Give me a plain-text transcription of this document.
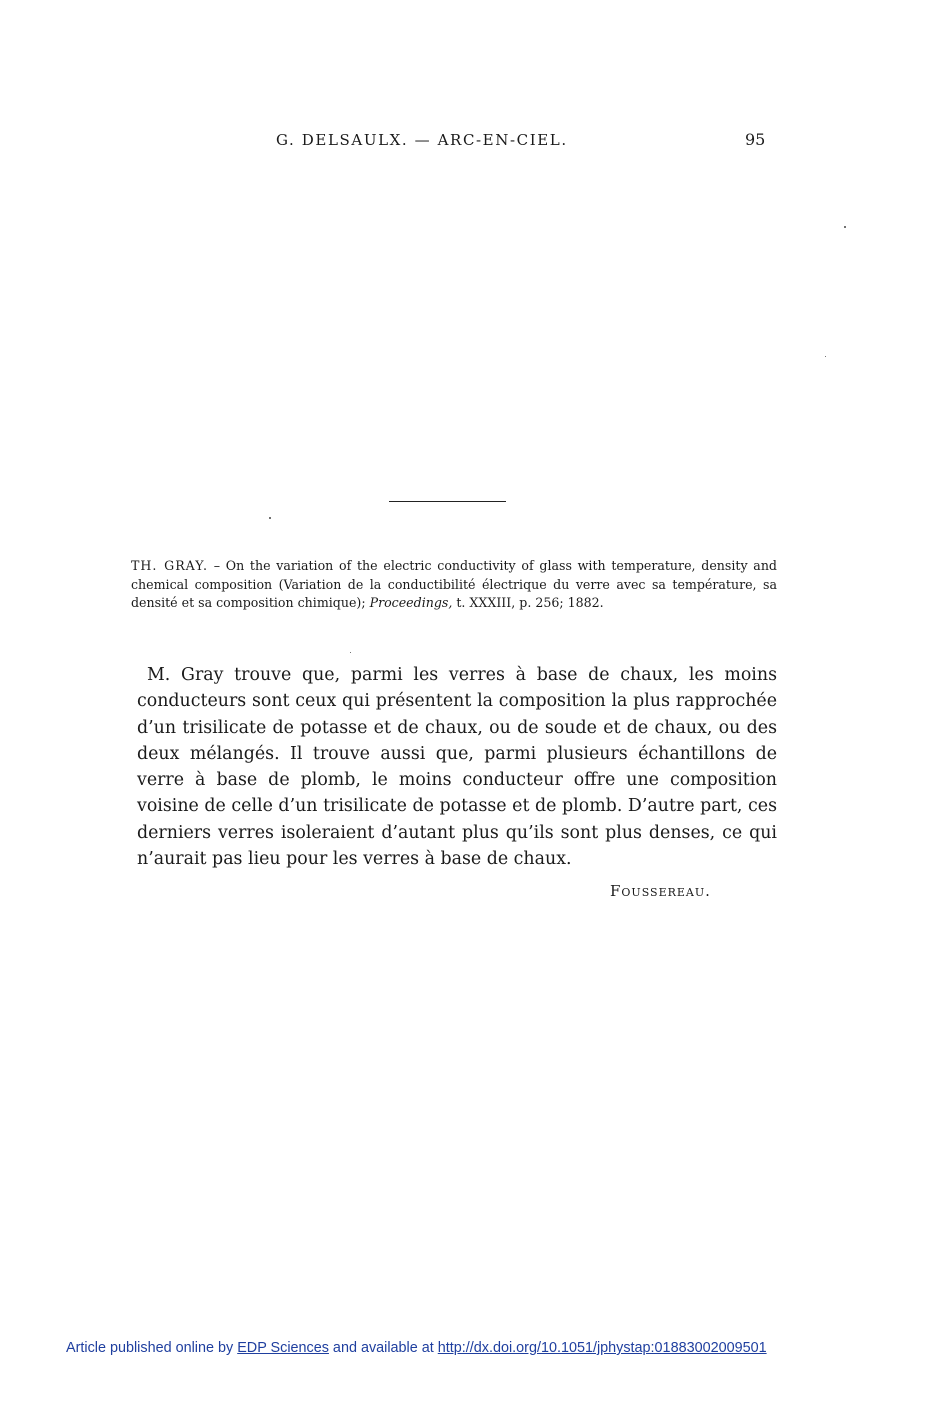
G. DELSAULX. — ARC-EN-CIEL.	95
TH. GRAY. – On the variation of the electric conductivity of glass with temperature, density and chemical composition (Variation de la conductibilité électrique du verre avec sa température, sa densité et sa composition chimique); Proceedings, t. XXXIII, p. 256; 1882.

M. Gray trouve que, parmi les verres à base de chaux, les moins conducteurs sont ceux qui présentent la composition la plus rapprochée d’un trisilicate de potasse et de chaux, ou de soude et de chaux, ou des deux mélangés. Il trouve aussi que, parmi plusieurs échantillons de verre à base de plomb, le moins conducteur offre une composition voisine de celle d’un trisilicate de potasse et de plomb. D’autre part, ces derniers verres isoleraient d’autant plus qu’ils sont plus denses, ce qui n’aurait pas lieu pour les verres à base de chaux.

Foussereau.
Article published online by EDP Sciences and available at http://dx.doi.org/10.1051/jphystap:01883002009501
